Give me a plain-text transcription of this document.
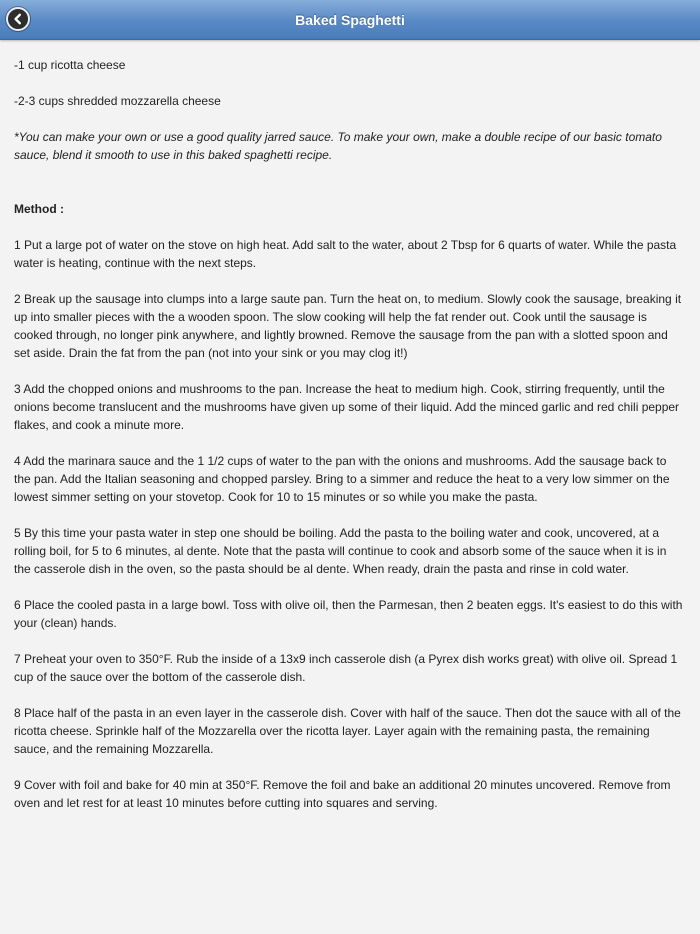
-1 cup ricotta cheese

-2-3 cups shredded mozzarella cheese

*You can make your own or use a good quality jarred sauce. To make your own, make a double recipe of our basic tomato sauce, blend it smooth to use in this baked spaghetti recipe.

Method :

1 Put a large pot of water on the stove on high heat. Add salt to the water, about 2 Tbsp for 6 quarts of water. While the pasta water is heating, continue with the next steps.

2 Break up the sausage into clumps into a large saute pan. Turn the heat on, to medium. Slowly cook the sausage, breaking it up into smaller pieces with the a wooden spoon. The slow cooking will help the fat render out. Cook until the sausage is cooked through, no longer pink anywhere, and lightly browned. Remove the sausage from the pan with a slotted spoon and set aside. Drain the fat from the pan (not into your sink or you may clog it!)

3 Add the chopped onions and mushrooms to the pan. Increase the heat to medium high. Cook, stirring frequently, until the onions become translucent and the mushrooms have given up some of their liquid. Add the minced garlic and red chili pepper flakes, and cook a minute more.

4 Add the marinara sauce and the 1 1/2 cups of water to the pan with the onions and mushrooms. Add the sausage back to the pan. Add the Italian seasoning and chopped parsley. Bring to a simmer and reduce the heat to a very low simmer on the lowest simmer setting on your stovetop. Cook for 10 to 15 minutes or so while you make the pasta.

5 By this time your pasta water in step one should be boiling. Add the pasta to the boiling water and cook, uncovered, at a rolling boil, for 5 to 6 minutes, al dente. Note that the pasta will continue to cook and absorb some of the sauce when it is in the casserole dish in the oven, so the pasta should be al dente. When ready, drain the pasta and rinse in cold water.

6 Place the cooled pasta in a large bowl. Toss with olive oil, then the Parmesan, then 2 beaten eggs. It's easiest to do this with your (clean) hands.

7 Preheat your oven to 350°F. Rub the inside of a 13x9 inch casserole dish (a Pyrex dish works great) with olive oil. Spread 1 cup of the sauce over the bottom of the casserole dish.

8 Place half of the pasta in an even layer in the casserole dish. Cover with half of the sauce. Then dot the sauce with all of the ricotta cheese. Sprinkle half of the Mozzarella over the ricotta layer. Layer again with the remaining pasta, the remaining sauce, and the remaining Mozzarella.

9 Cover with foil and bake for 40 min at 350°F. Remove the foil and bake an additional 20 minutes uncovered. Remove from oven and let rest for at least 10 minutes before cutting into squares and serving.

Baked Spaghetti
